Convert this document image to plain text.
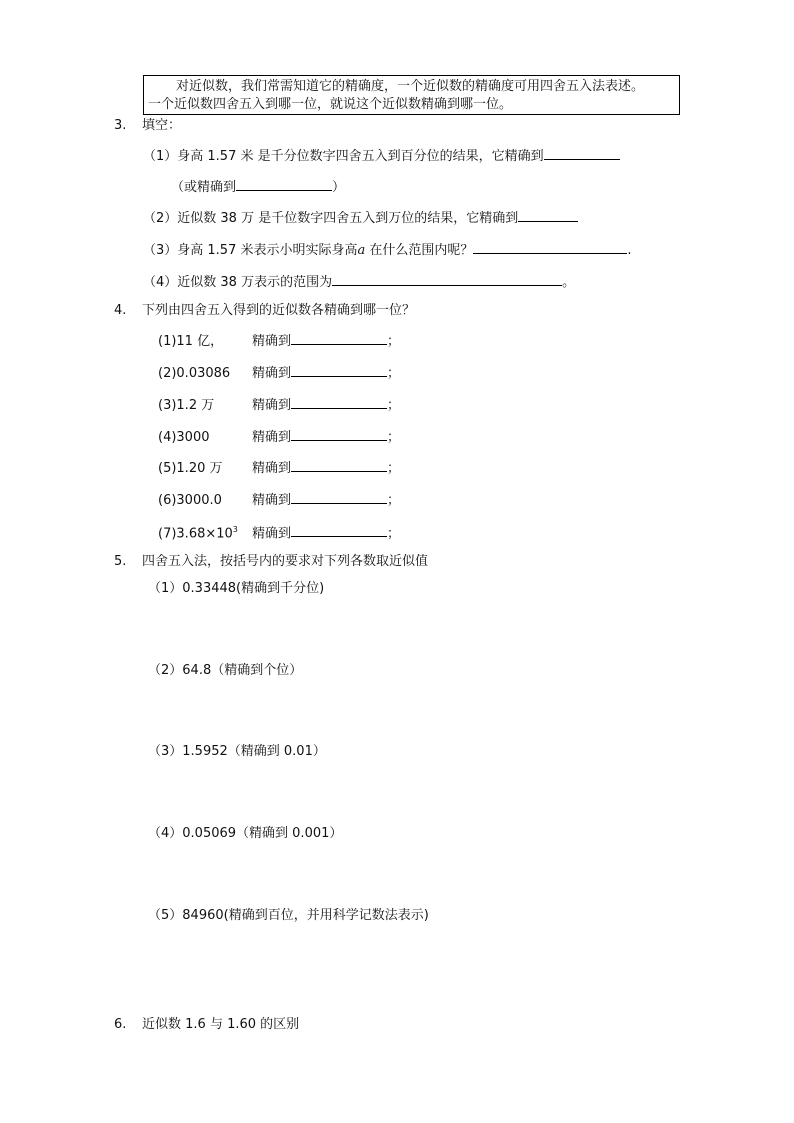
对近似数，我们常需知道它的精确度，一个近似数的精确度可用四舍五入法表述。
一个近似数四舍五入到哪一位，就说这个近似数精确到哪一位。
3. 填空：
（1）身高 1.57 米 是千分位数字四舍五入到百分位的结果，它精确到
（或精确到	）
（2）近似数 38 万 是千位数字四舍五入到万位的结果，它精确到
（3）身高 1.57 米表示小明实际身高a 在什么范围内呢？	.
（4）近似数 38 万表示的范围为	。
4. 下列由四舍五入得到的近似数各精确到哪一位？
(1)11 亿， 精确到	；
(2)0.03086 精确到	；
(3)1.2 万	精确到	；
(4)3000	精确到	；
(5)1.20 万 精确到	；
(6)3000.0 精确到	；
$(7)3.68\times 10^3$ 精确到	；
5. 四舍五入法，按括号内的要求对下列各数取近似值
（1）0.33448(精确到千分位)
（2）64.8（精确到个位）
（3）1.5952（精确到 0.01）
（4）0.05069（精确到 0.001）
（5）84960(精确到百位，并用科学记数法表示)
6. 近似数 1.6 与 1.60 的区别
